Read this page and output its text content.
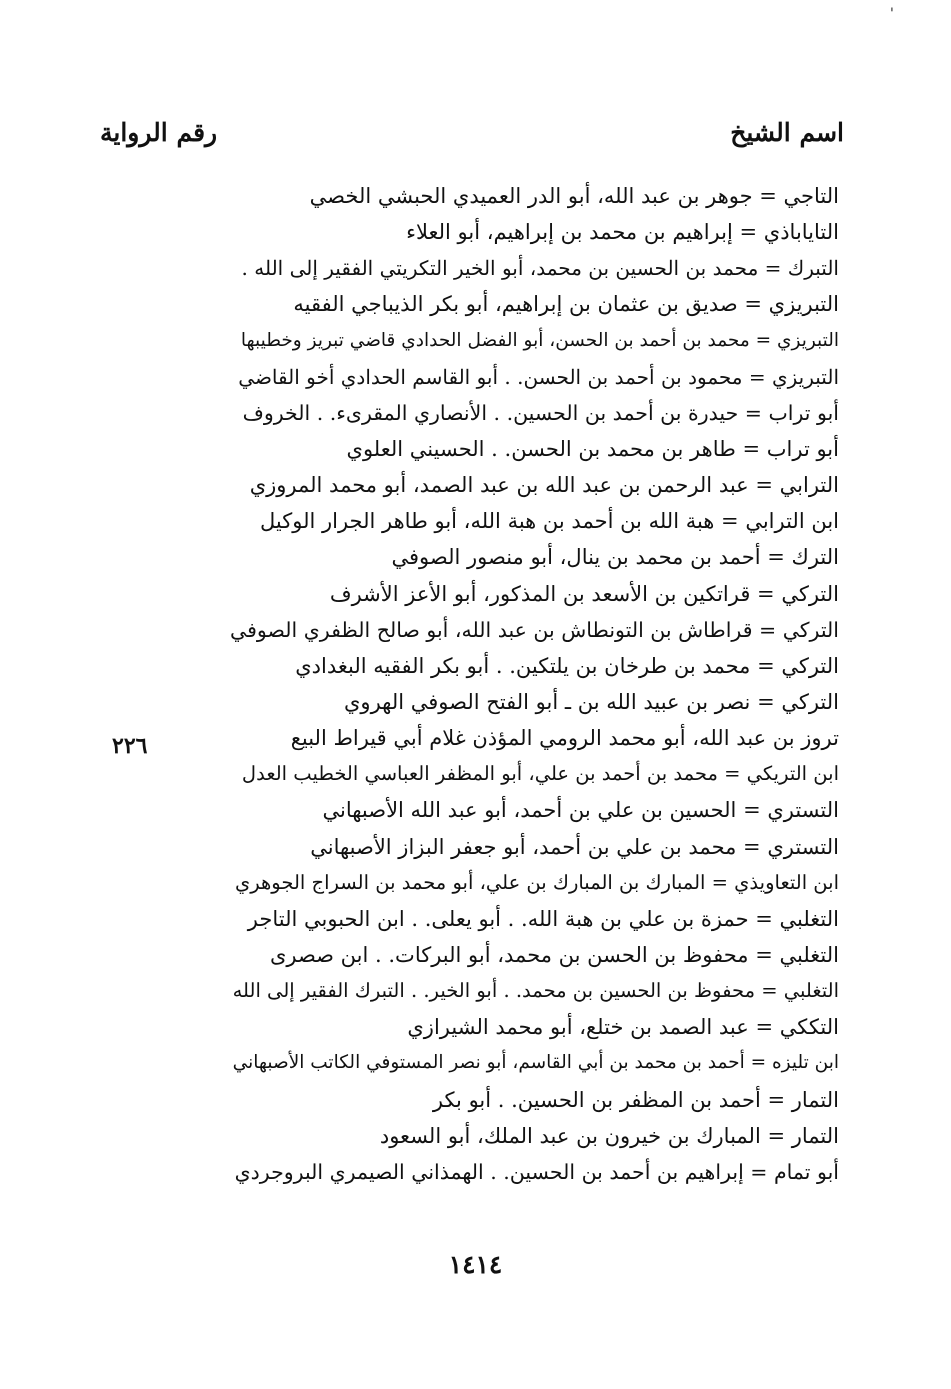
'
اسم الشيخ
رقم الرواية
التاجي = جوهر بن عبد الله، أبو الدر العميدي الحبشي الخصي
التاياباذي = إبراهيم بن محمد بن إبراهيم، أبو العلاء
التبرك = محمد بن الحسين بن محمد، أبو الخير التكريتي الفقير إلى الله .
التبريزي = صديق بن عثمان بن إبراهيم، أبو بكر الذيباجي الفقيه
التبريزي = محمد بن أحمد بن الحسن، أبو الفضل الحدادي قاضي تبريز وخطيبها
التبريزي = محمود بن أحمد بن الحسن. . أبو القاسم الحدادي أخو القاضي
أبو تراب = حيدرة بن أحمد بن الحسين. . الأنصاري المقرىء. . الخروف
أبو تراب = طاهر بن محمد بن الحسن. . الحسيني العلوي
الترابي = عبد الرحمن بن عبد الله بن عبد الصمد، أبو محمد المروزي
ابن الترابي = هبة الله بن أحمد بن هبة الله، أبو طاهر الجرار الوكيل
الترك = أحمد بن محمد بن ينال، أبو منصور الصوفي
التركي = قراتكين بن الأسعد بن المذكور، أبو الأعز الأشرف
التركي = قراطاش بن التونطاش بن عبد الله، أبو صالح الظفري الصوفي
التركي = محمد بن طرخان بن يلتكين. . أبو بكر الفقيه البغدادي
التركي = نصر بن عبيد الله بن ـ أبو الفتح الصوفي الهروي
تروز بن عبد الله، أبو محمد الرومي المؤذن غلام أبي قيراط البيع
ابن التريكي = محمد بن أحمد بن علي، أبو المظفر العباسي الخطيب العدل
التستري = الحسين بن علي بن أحمد، أبو عبد الله الأصبهاني
التستري = محمد بن علي بن أحمد، أبو جعفر البزاز الأصبهاني
ابن التعاويذي = المبارك بن المبارك بن علي، أبو محمد بن السراج الجوهري
التغلبي = حمزة بن علي بن هبة الله. . أبو يعلى. . ابن الحبوبي التاجر
التغلبي = محفوظ بن الحسن بن محمد، أبو البركات. . ابن صصرى
التغلبي = محفوظ بن الحسين بن محمد. . أبو الخير. . التبرك الفقير إلى الله
التككي = عبد الصمد بن ختلع، أبو محمد الشيرازي
ابن تليزه = أحمد بن محمد بن أبي القاسم، أبو نصر المستوفي الكاتب الأصبهاني
التمار = أحمد بن المظفر بن الحسين. . أبو بكر
التمار = المبارك بن خيرون بن عبد الملك، أبو السعود
أبو تمام = إبراهيم بن أحمد بن الحسين. . الهمذاني الصيمري البروجردي
٢٢٦
١٤١٤
